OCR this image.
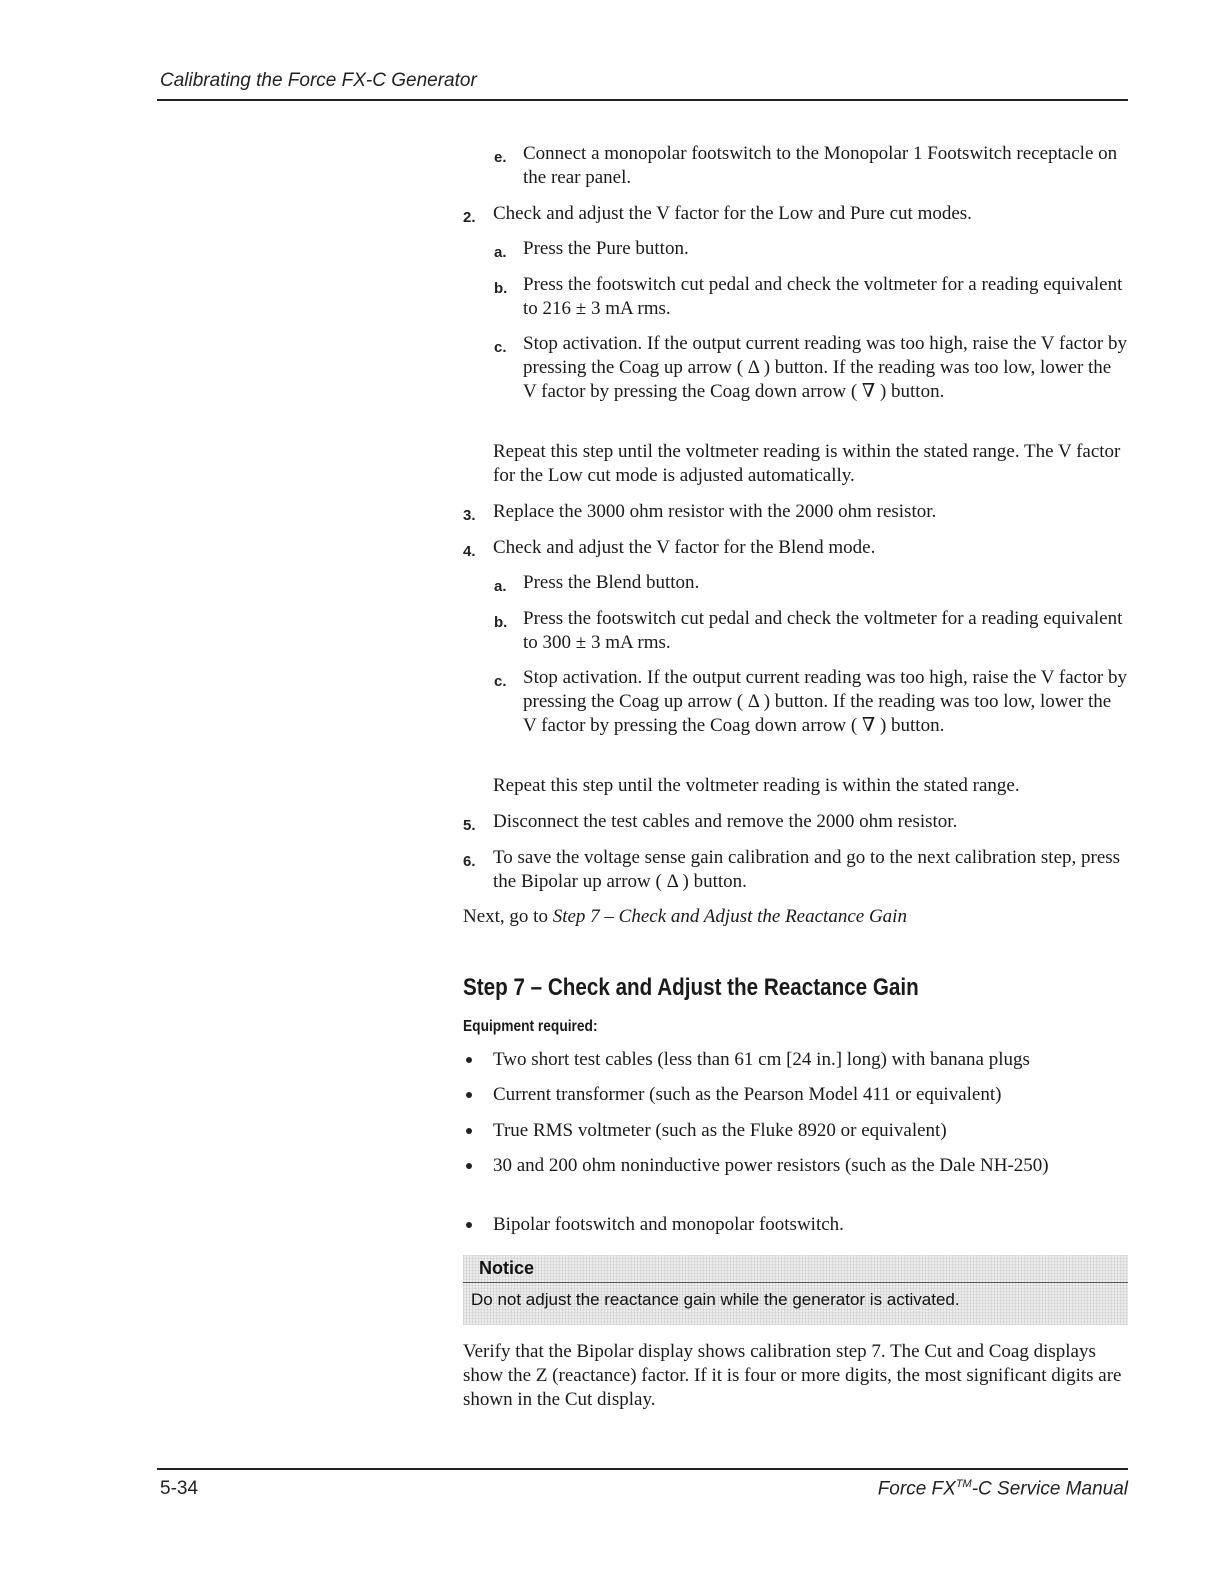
Calibrating the Force FX-C Generator
e. Connect a monopolar footswitch to the Monopolar 1 Footswitch receptacle on the rear panel.
2. Check and adjust the V factor for the Low and Pure cut modes.
a. Press the Pure button.
b. Press the footswitch cut pedal and check the voltmeter for a reading equivalent to 216 ± 3 mA rms.
c. Stop activation. If the output current reading was too high, raise the V factor by pressing the Coag up arrow ( Δ ) button. If the reading was too low, lower the V factor by pressing the Coag down arrow ( ∇ ) button.
Repeat this step until the voltmeter reading is within the stated range. The V factor for the Low cut mode is adjusted automatically.
3. Replace the 3000 ohm resistor with the 2000 ohm resistor.
4. Check and adjust the V factor for the Blend mode.
a. Press the Blend button.
b. Press the footswitch cut pedal and check the voltmeter for a reading equivalent to 300 ± 3 mA rms.
c. Stop activation. If the output current reading was too high, raise the V factor by pressing the Coag up arrow ( Δ ) button. If the reading was too low, lower the V factor by pressing the Coag down arrow ( ∇ ) button.
Repeat this step until the voltmeter reading is within the stated range.
5. Disconnect the test cables and remove the 2000 ohm resistor.
6. To save the voltage sense gain calibration and go to the next calibration step, press the Bipolar up arrow ( Δ ) button.
Next, go to Step 7 – Check and Adjust the Reactance Gain
Step 7 – Check and Adjust the Reactance Gain
Equipment required:
Two short test cables (less than 61 cm [24 in.] long) with banana plugs
Current transformer (such as the Pearson Model 411 or equivalent)
True RMS voltmeter (such as the Fluke 8920 or equivalent)
30 and 200 ohm noninductive power resistors (such as the Dale NH-250)
Bipolar footswitch and monopolar footswitch.
Notice
Do not adjust the reactance gain while the generator is activated.
Verify that the Bipolar display shows calibration step 7. The Cut and Coag displays show the Z (reactance) factor. If it is four or more digits, the most significant digits are shown in the Cut display.
5-34	Force FX™-C Service Manual
